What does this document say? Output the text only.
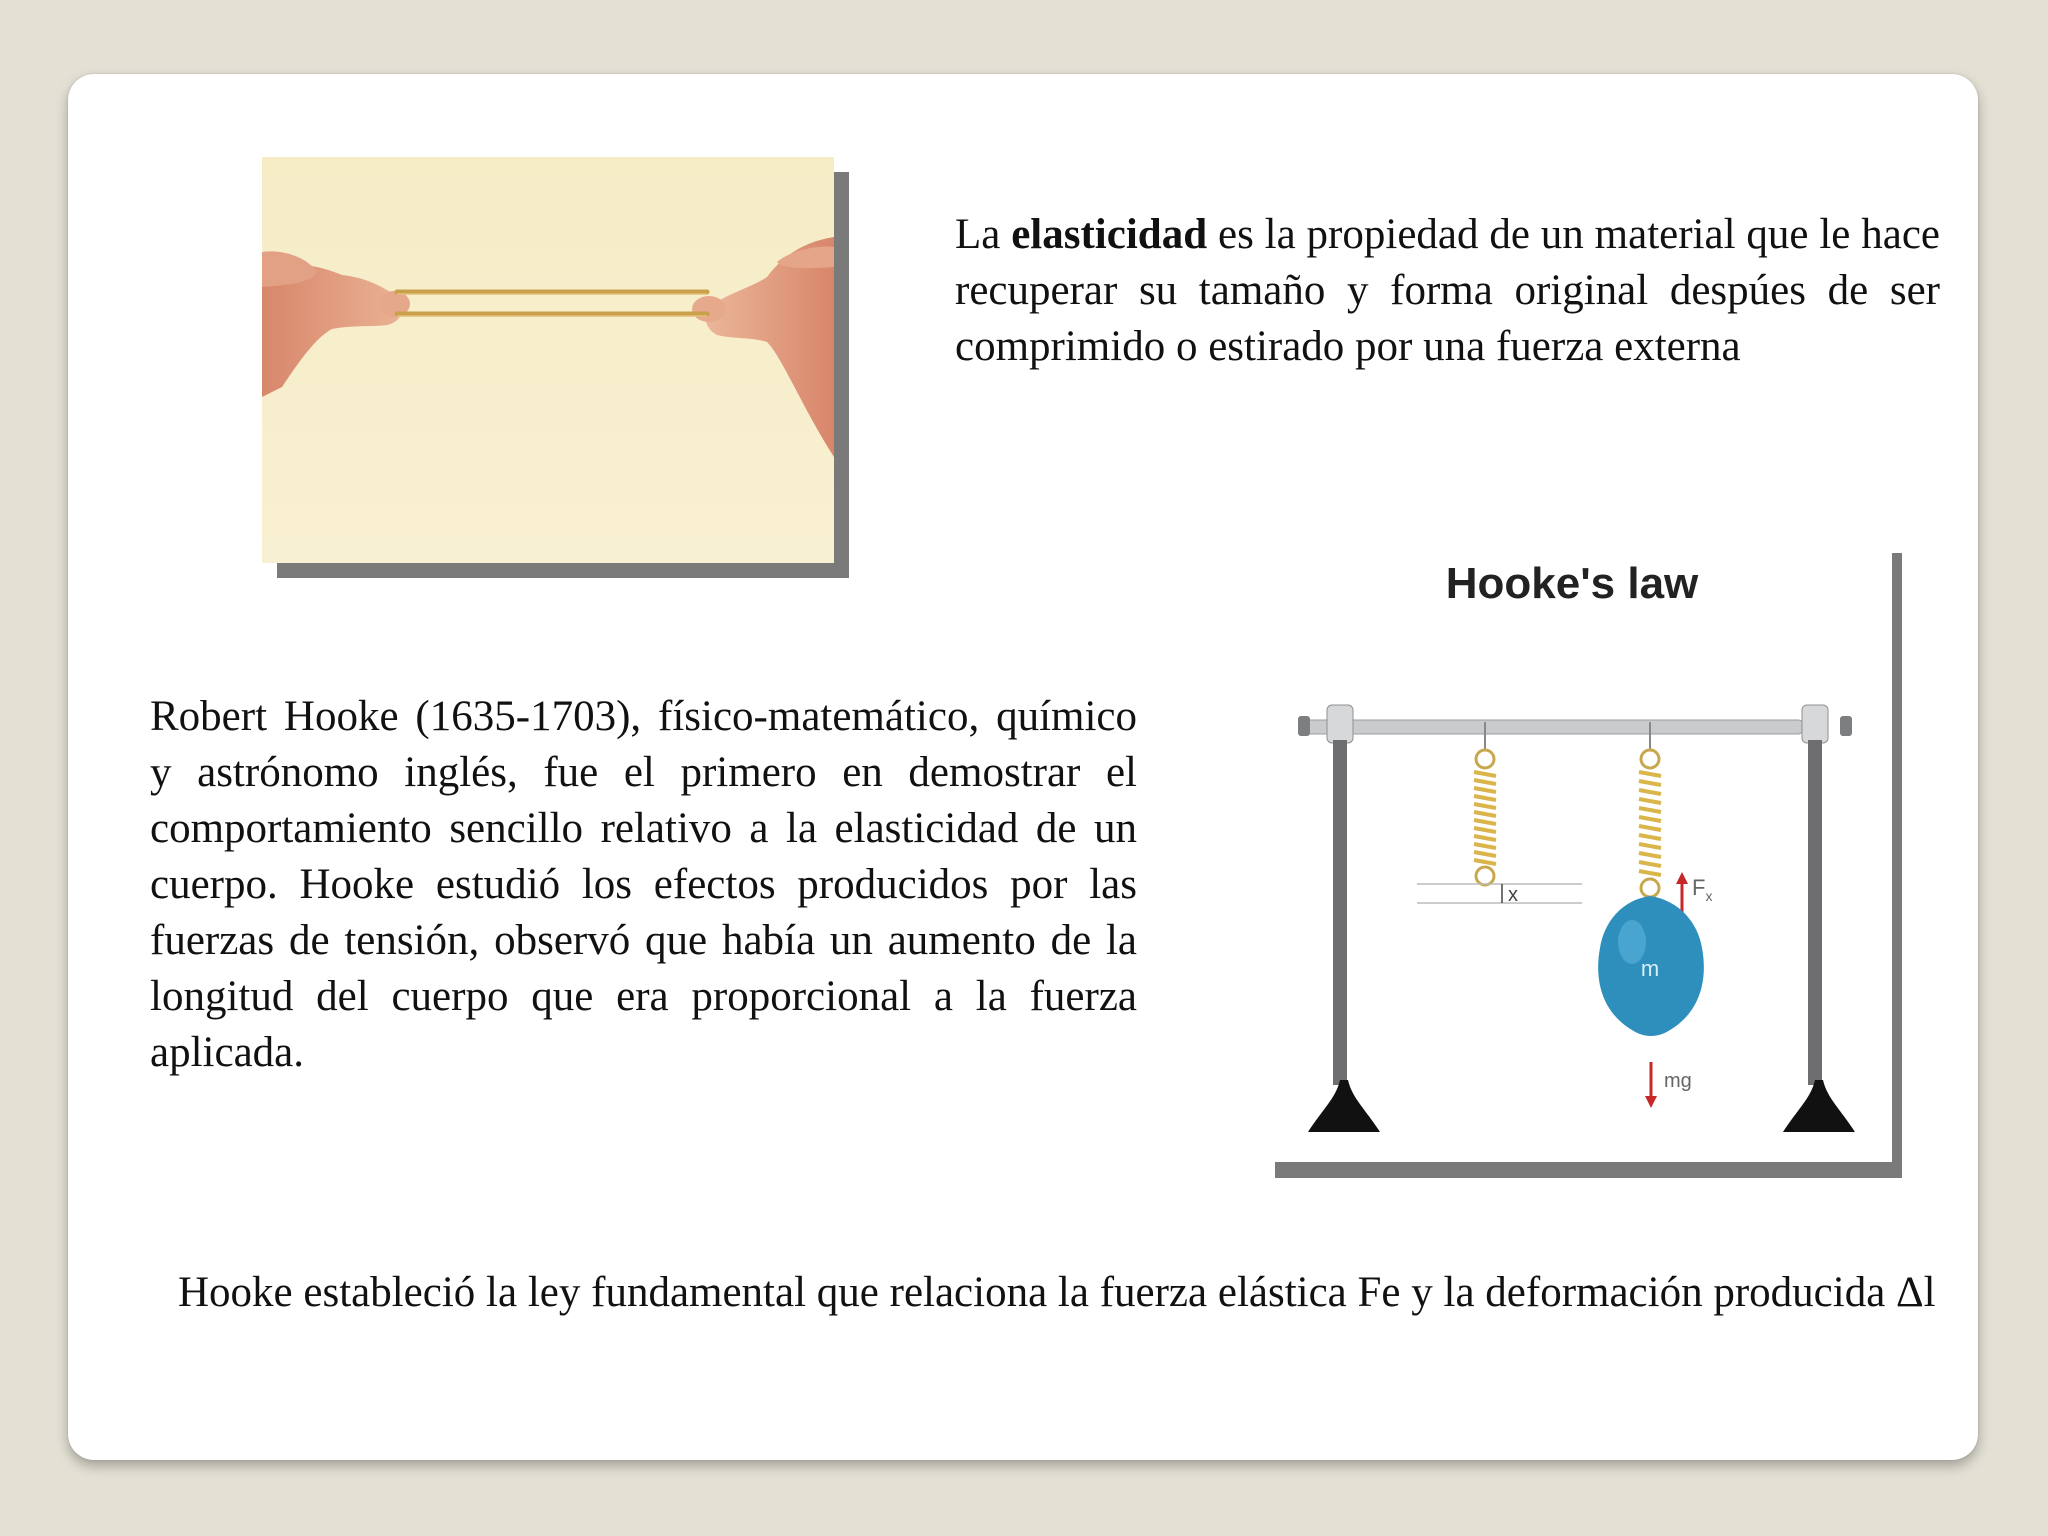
La elasticidad es la propiedad de un material que le hace recuperar su tamaño y forma original despúes de ser comprimido o estirado por una fuerza externa
Robert Hooke (1635-1703), físico-matemático, químico y astrónomo inglés, fue el primero en demostrar el comportamiento sencillo relativo a la elasticidad de un cuerpo. Hooke estudió los efectos producidos por las fuerzas de tensión, observó que había un aumento de la longitud del cuerpo que era proporcional a la fuerza aplicada.
Hooke's law
x	$F_x$
m
mg
Hooke estableció la ley fundamental que relaciona la fuerza elástica Fe y la deformación producida Δl
